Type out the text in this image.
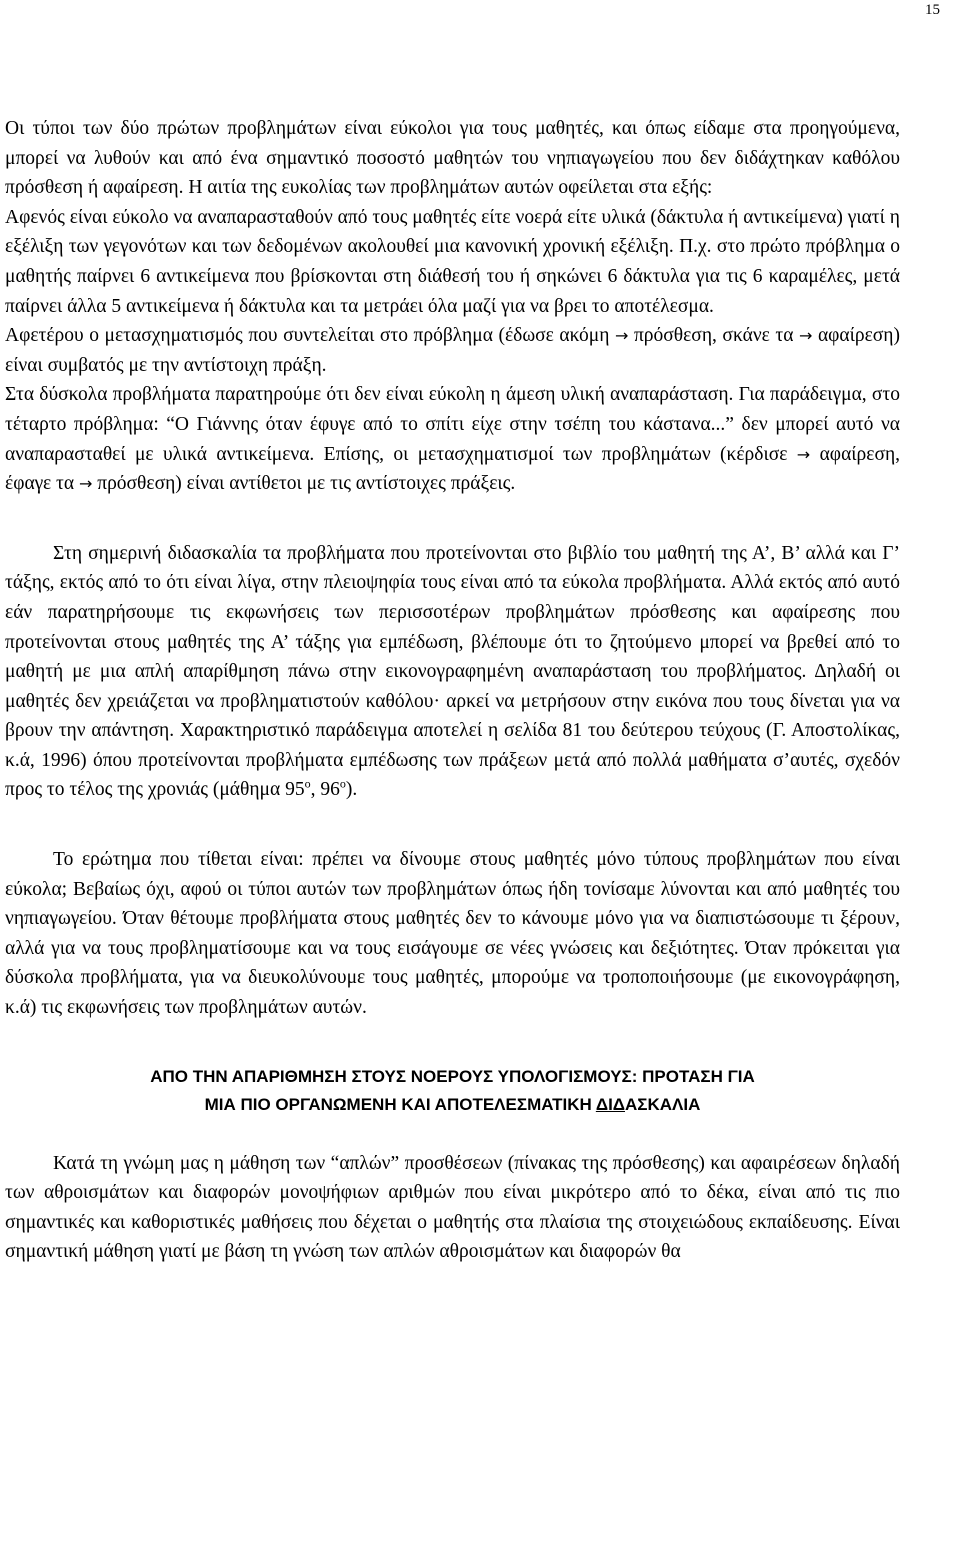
15

Οι τύποι των δύο πρώτων προβλημάτων είναι εύκολοι για τους μαθητές, και όπως είδαμε στα προηγούμενα, μπορεί να λυθούν και από ένα σημαντικό ποσοστό μαθητών του νηπιαγωγείου που δεν διδάχτηκαν καθόλου πρόσθεση ή αφαίρεση. Η αιτία της ευκολίας των προβλημάτων αυτών οφείλεται στα εξής:

Αφενός είναι εύκολο να αναπαρασταθούν από τους μαθητές είτε νοερά είτε υλικά (δάκτυλα ή αντικείμενα) γιατί η εξέλιξη των γεγονότων και των δεδομένων ακολουθεί μια κανονική χρονική εξέλιξη. Π.χ. στο πρώτο πρόβλημα ο μαθητής παίρνει 6 αντικείμενα που βρίσκονται στη διάθεσή του ή σηκώνει 6 δάκτυλα για τις 6 καραμέλες, μετά παίρνει άλλα 5 αντικείμενα ή δάκτυλα και τα μετράει όλα μαζί για να βρει το αποτέλεσμα.

Αφετέρου ο μετασχηματισμός που συντελείται στο πρόβλημα (έδωσε ακόμη → πρόσθεση, σκάνε τα → αφαίρεση) είναι συμβατός με την αντίστοιχη πράξη.

Στα δύσκολα προβλήματα παρατηρούμε ότι δεν είναι εύκολη η άμεση υλική αναπαράσταση. Για παράδειγμα, στο τέταρτο πρόβλημα: “Ο Γιάννης όταν έφυγε από το σπίτι είχε στην τσέπη του κάστανα...” δεν μπορεί αυτό να αναπαρασταθεί με υλικά αντικείμενα. Επίσης, οι μετασχηματισμοί των προβλημάτων (κέρδισε → αφαίρεση, έφαγε τα → πρόσθεση) είναι αντίθετοι με τις αντίστοιχες πράξεις.

Στη σημερινή διδασκαλία τα προβλήματα που προτείνονται στο βιβλίο του μαθητή της Α’, Β’ αλλά και Γ’ τάξης, εκτός από το ότι είναι λίγα, στην πλειοψηφία τους είναι από τα εύκολα προβλήματα. Αλλά εκτός από αυτό εάν παρατηρήσουμε τις εκφωνήσεις των περισσοτέρων προβλημάτων πρόσθεσης και αφαίρεσης που προτείνονται στους μαθητές της Α’ τάξης για εμπέδωση, βλέπουμε ότι το ζητούμενο μπορεί να βρεθεί από το μαθητή με μια απλή απαρίθμηση πάνω στην εικονογραφημένη αναπαράσταση του προβλήματος. Δηλαδή οι μαθητές δεν χρειάζεται να προβληματιστούν καθόλου· αρκεί να μετρήσουν στην εικόνα που τους δίνεται για να βρουν την απάντηση. Χαρακτηριστικό παράδειγμα αποτελεί η σελίδα 81 του δεύτερου τεύχους (Γ. Αποστολίκας, κ.ά, 1996) όπου προτείνονται προβλήματα εμπέδωσης των πράξεων μετά από πολλά μαθήματα σ’αυτές, σχεδόν προς το τέλος της χρονιάς (μάθημα $95^o$, $96^o$).

Το ερώτημα που τίθεται είναι: πρέπει να δίνουμε στους μαθητές μόνο τύπους προβλημάτων που είναι εύκολα; Βεβαίως όχι, αφού οι τύποι αυτών των προβλημάτων όπως ήδη τονίσαμε λύνονται και από μαθητές του νηπιαγωγείου. Όταν θέτουμε προβλήματα στους μαθητές δεν το κάνουμε μόνο για να διαπιστώσουμε τι ξέρουν, αλλά για να τους προβληματίσουμε και να τους εισάγουμε σε νέες γνώσεις και δεξιότητες. Όταν πρόκειται για δύσκολα προβλήματα, για να διευκολύνουμε τους μαθητές, μπορούμε να τροποποιήσουμε (με εικονογράφηση, κ.ά) τις εκφωνήσεις των προβλημάτων αυτών.

ΑΠΟ ΤΗΝ ΑΠΑΡΙΘΜΗΣΗ ΣΤΟΥΣ ΝΟΕΡΟΥΣ ΥΠΟΛΟΓΙΣΜΟΥΣ: ΠΡΟΤΑΣΗ ΓΙΑ

ΜΙΑ ΠΙΟ ΟΡΓΑΝΩΜΕΝΗ ΚΑΙ ΑΠΟΤΕΛΕΣΜΑΤΙΚΗ ΔΙΔΑΣΚΑΛΙΑ

Κατά τη γνώμη μας η μάθηση των “απλών” προσθέσεων (πίνακας της πρόσθεσης) και αφαιρέσεων δηλαδή των αθροισμάτων και διαφορών μονοψήφιων αριθμών που είναι μικρότερο από το δέκα, είναι από τις πιο σημαντικές και καθοριστικές μαθήσεις που δέχεται ο μαθητής στα πλαίσια της στοιχειώδους εκπαίδευσης. Είναι σημαντική μάθηση γιατί με βάση τη γνώση των απλών αθροισμάτων και διαφορών θα
